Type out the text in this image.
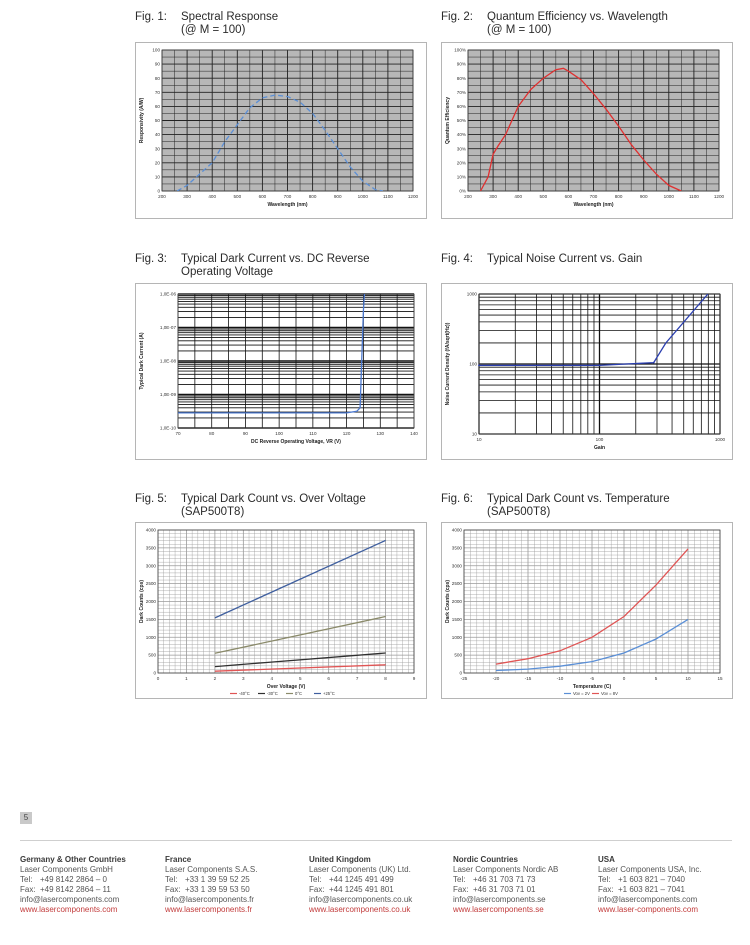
Fig. 1: Spectral Response
(@ M = 100)
Fig. 2: Quantum Efficiency vs. Wavelength
(@ M = 100)
Fig. 3: Typical Dark Current vs. DC Reverse
Operating Voltage
Fig. 4: Typical Noise Current vs. Gain
Fig. 5: Typical Dark Count vs. Over Voltage
(SAP500T8)
Fig. 6: Typical Dark Count vs. Temperature
(SAP500T8)
200	300	400	500	600	700	800	900	1000	1100	1200
0
10
20
30
40
50
60
70
80
90
100
Wavelength (nm)
Responsivity (A/W)
200	300	400	500	600	700	800	900	1000	1100	1200
0%
10%
20%
30%
40%
50%
60%
70%
80%
90%
100%
Wavelength (nm)
Quantum Efficiency
70	80	90	100	110	120	130	140
1,0E-10
1,0E-09
1,0E-08
1,0E-07
1,0E-06
DC Reverse Operating Voltage, VR (V)
Typical Dark Current (A)
10	100	1000
10
100
1000
Gain
Noise Current Density (fA/sqrt(Hz))
0	1	2	3	4	5	6	7	8	9
0
500
1000
1500
2000
2500
3000
3500
4000
Over Voltage (V)
Dark Counts (cps)
-40°C	-30°C	0°C	+25°C
-25	-20	-15	-10	-5	0	5	10	15
0
500
1000
1500
2000
2500
3000
3500
4000
Temperature (C)
Dark Counts (cps)
Vov = 2V	Vov = 8V
5
Germany & Other Countries
Laser Components GmbH
Tel: +49 8142 2864 – 0
Fax: +49 8142 2864 – 11
info@lasercomponents.com
www.lasercomponents.com
France
Laser Components S.A.S.
Tel: +33 1 39 59 52 25
Fax: +33 1 39 59 53 50
info@lasercomponents.fr
www.lasercomponents.fr
United Kingdom
Laser Components (UK) Ltd.
Tel: +44 1245 491 499
Fax: +44 1245 491 801
info@lasercomponents.co.uk
www.lasercomponents.co.uk
Nordic Countries
Laser Components Nordic AB
Tel: +46 31 703 71 73
Fax: +46 31 703 71 01
info@lasercomponents.se
www.lasercomponents.se
USA
Laser Components USA, Inc.
Tel: +1 603 821 – 7040
Fax: +1 603 821 – 7041
info@lasercomponents.com
www.laser-components.com
